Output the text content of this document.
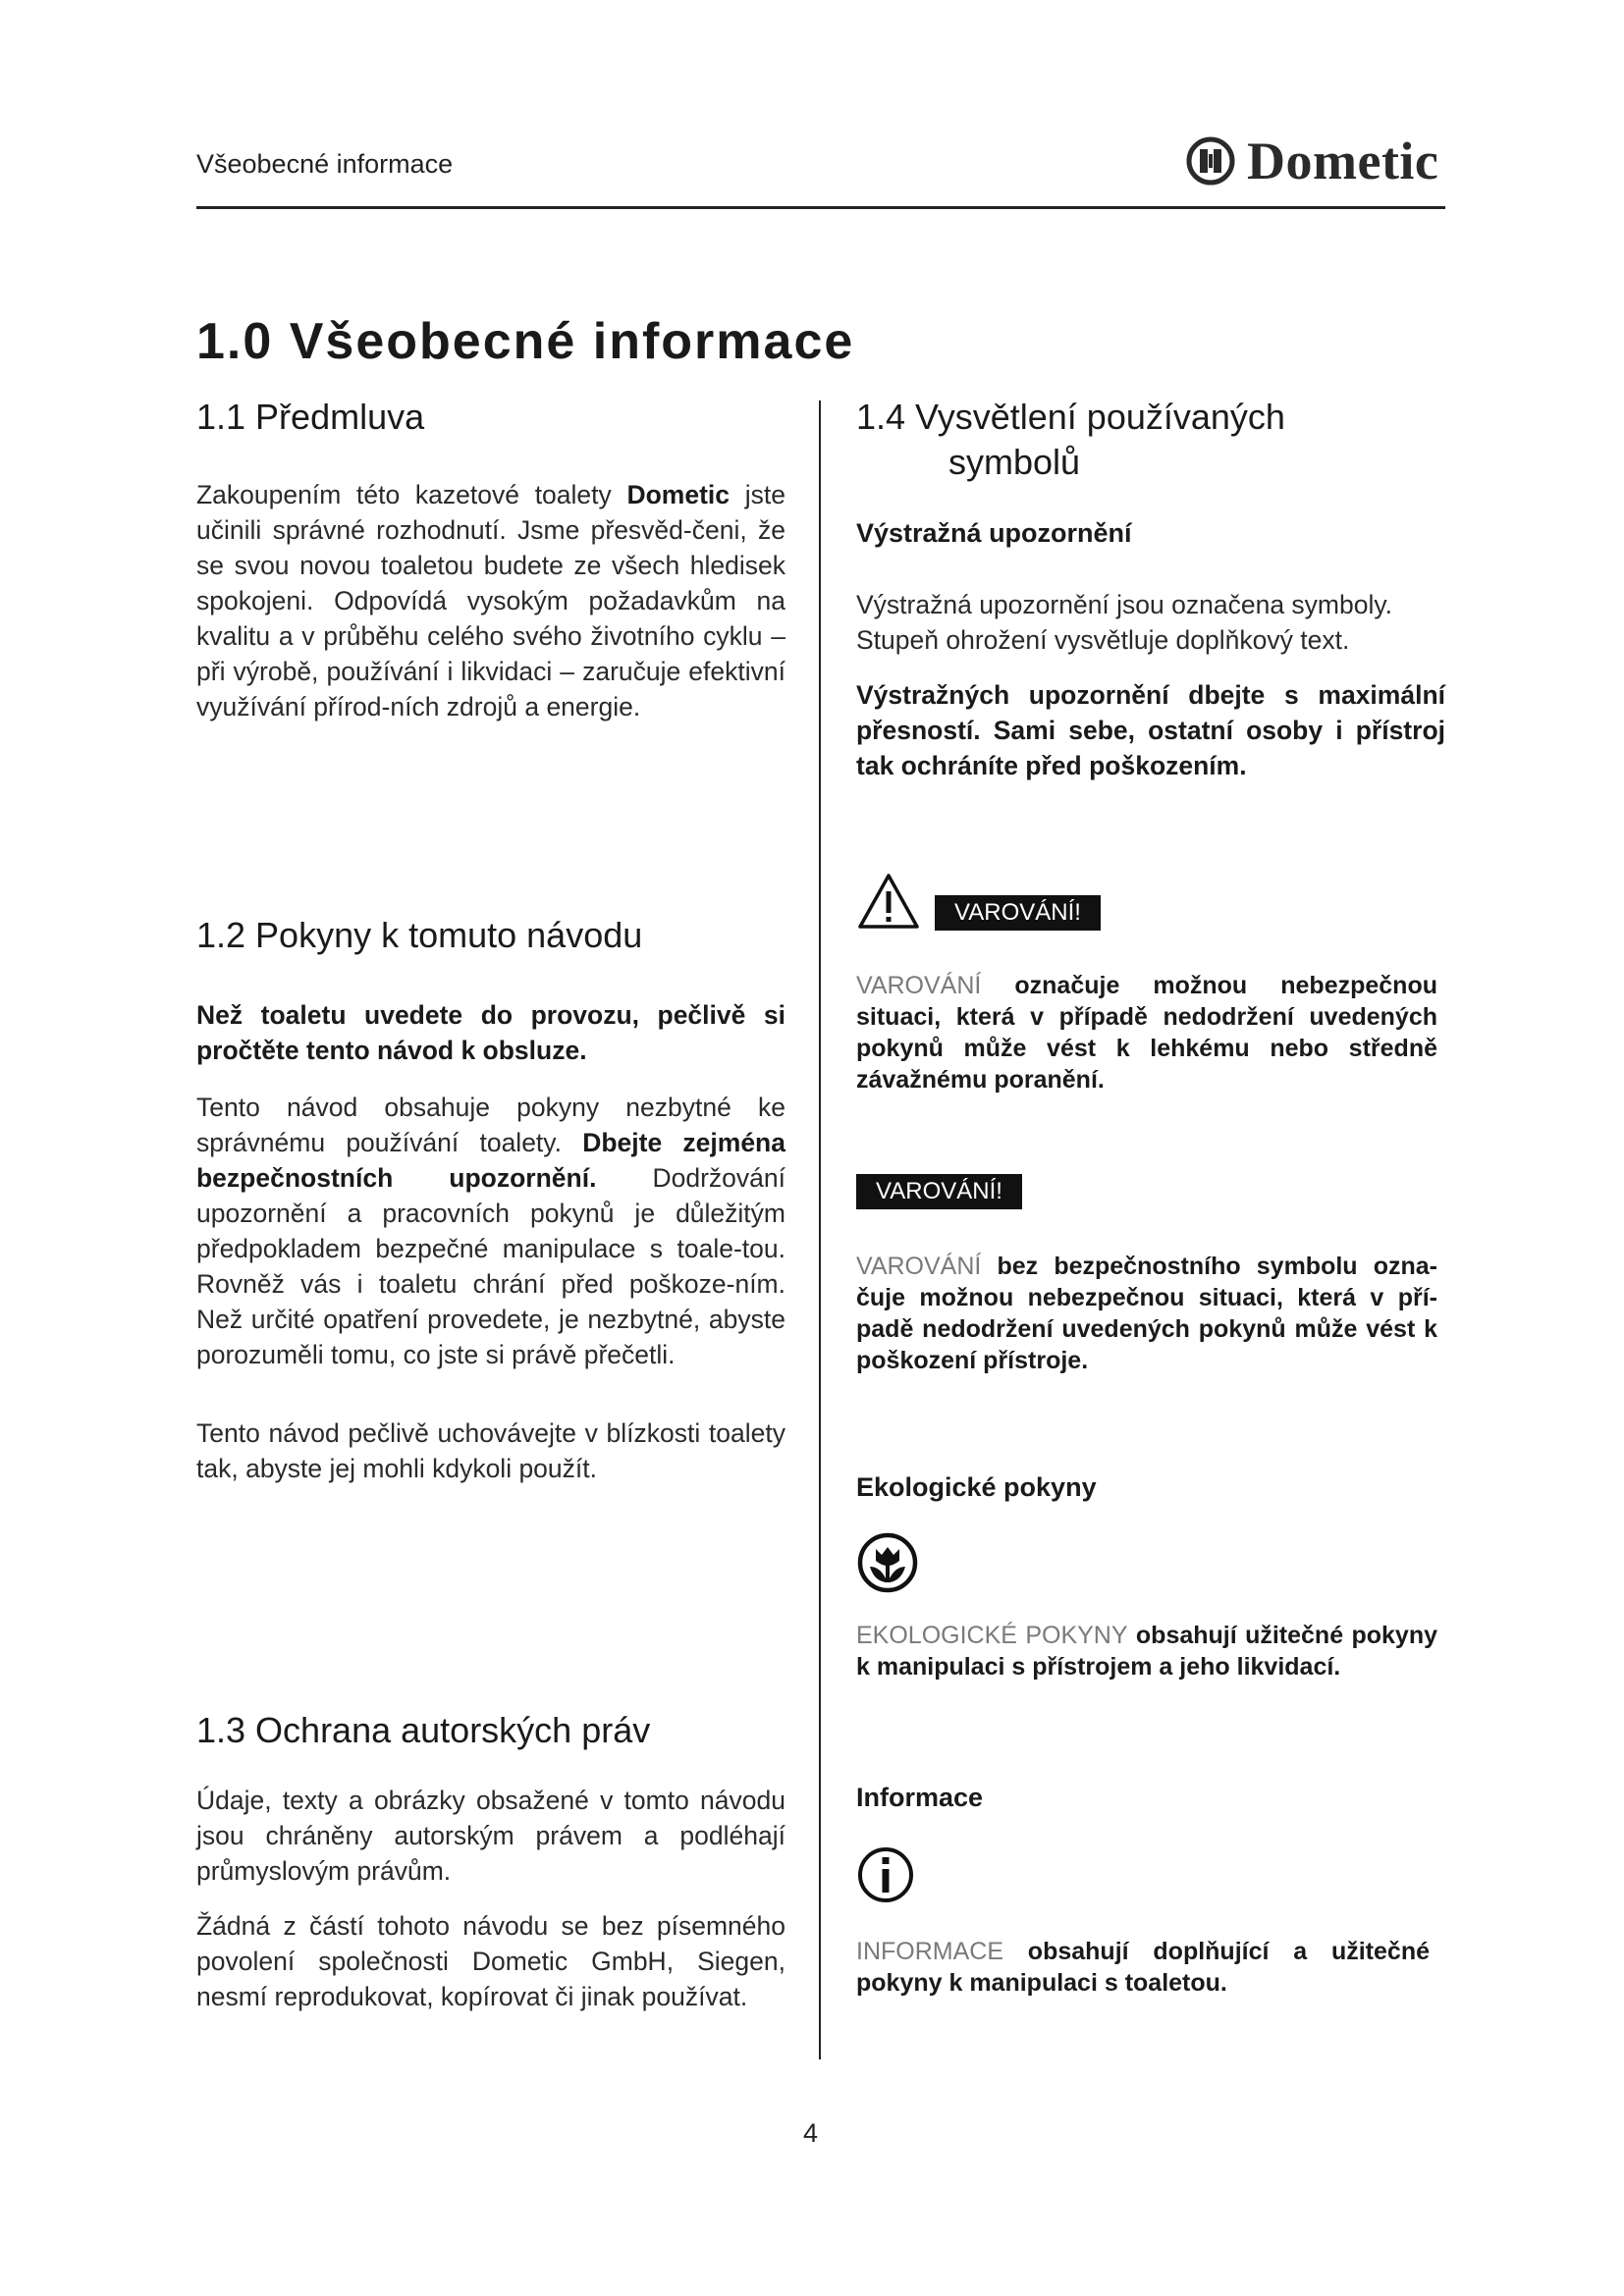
Všeobecné informace	Dometic
1.0 Všeobecné informace
1.1 Předmluva
Zakoupením této kazetové toalety Dometic jste učinili správné rozhodnutí. Jsme přesvěd-čeni, že se svou novou toaletou budete ze všech hledisek spokojeni. Odpovídá vysokým požadavkům na kvalitu a v průběhu celého svého životního cyklu – při výrobě, používání i likvidaci – zaručuje efektivní využívání přírod-ních zdrojů a energie.
1.2 Pokyny k tomuto návodu
Než toaletu uvedete do provozu, pečlivě si pročtěte tento návod k obsluze.
Tento návod obsahuje pokyny nezbytné ke správnému používání toalety. Dbejte zejména bezpečnostních upozornění. Dodržování upozornění a pracovních pokynů je důležitým předpokladem bezpečné manipulace s toale-tou. Rovněž vás i toaletu chrání před poškoze-ním. Než určité opatření provedete, je nezbytné, abyste porozuměli tomu, co jste si právě přečetli.
Tento návod pečlivě uchovávejte v blízkosti toalety tak, abyste jej mohli kdykoli použít.
1.3 Ochrana autorských práv
Údaje, texty a obrázky obsažené v tomto návodu jsou chráněny autorským právem a podléhají průmyslovým právům.
Žádná z částí tohoto návodu se bez písemného povolení společnosti Dometic GmbH, Siegen, nesmí reprodukovat, kopírovat či jinak používat.
1.4 Vysvětlení používaných
symbolů
Výstražná upozornění
Výstražná upozornění jsou označena symboly. Stupeň ohrožení vysvětluje doplňkový text.
Výstražných upozornění dbejte s maximální přesností. Sami sebe, ostatní osoby i přístroj tak ochráníte před poškozením.
VAROVÁNÍ!
VAROVÁNÍ označuje možnou nebezpečnou situaci, která v případě nedodržení uvedených pokynů může vést k lehkému nebo středně závažnému poranění.
VAROVÁNÍ!
VAROVÁNÍ bez bezpečnostního symbolu ozna-čuje možnou nebezpečnou situaci, která v pří-padě nedodržení uvedených pokynů může vést k poškození přístroje.
Ekologické pokyny
EKOLOGICKÉ POKYNY obsahují užitečné pokyny k manipulaci s přístrojem a jeho likvidací.
Informace
INFORMACE obsahují doplňující a užitečné pokyny k manipulaci s toaletou.
4
